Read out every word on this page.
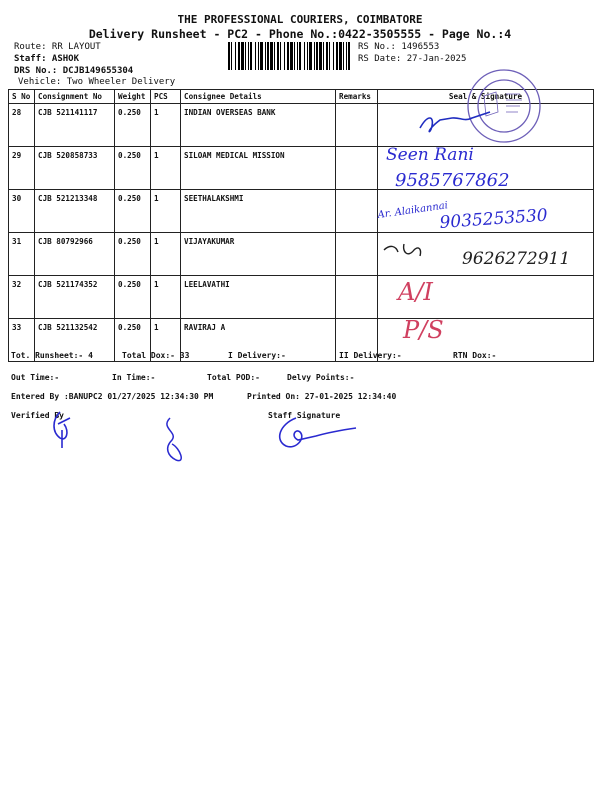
THE PROFESSIONAL COURIERS, COIMBATORE
Delivery Runsheet - PC2 - Phone No.:0422-3505555 - Page No.:4
Route: RR LAYOUT
Staff: ASHOK
DRS No.: DCJB149655304
Vehicle: Two Wheeler Delivery
RS No.: 1496553
RS Date: 27-Jan-2025
S No	Consignment No	Weight	PCS	Consignee Details	Remarks	Seal & Signature
28	CJB 521141117	0.250	1	INDIAN OVERSEAS BANK		
29	CJB 520858733	0.250	1	SILOAM MEDICAL MISSION		
30	CJB 521213348	0.250	1	SEETHALAKSHMI		
31	CJB 80792966	0.250	1	VIJAYAKUMAR		
32	CJB 521174352	0.250	1	LEELAVATHI		
33	CJB 521132542	0.250	1	RAVIRAJ A		
Tot. Runsheet:- 4	Total Dox:- 33	I Delivery:-	II Delivery:-	RTN Dox:-
Out Time:-	In Time:-	Total POD:-	Delvy Points:-
Entered By :BANUPC2 01/27/2025 12:34:30 PM	Printed On: 27-01-2025 12:34:40
Verified By	Staff Signature
Seen Rani
9585767862
Ar. Alaikannai
9035253530
9626272911
A/I
P/S
